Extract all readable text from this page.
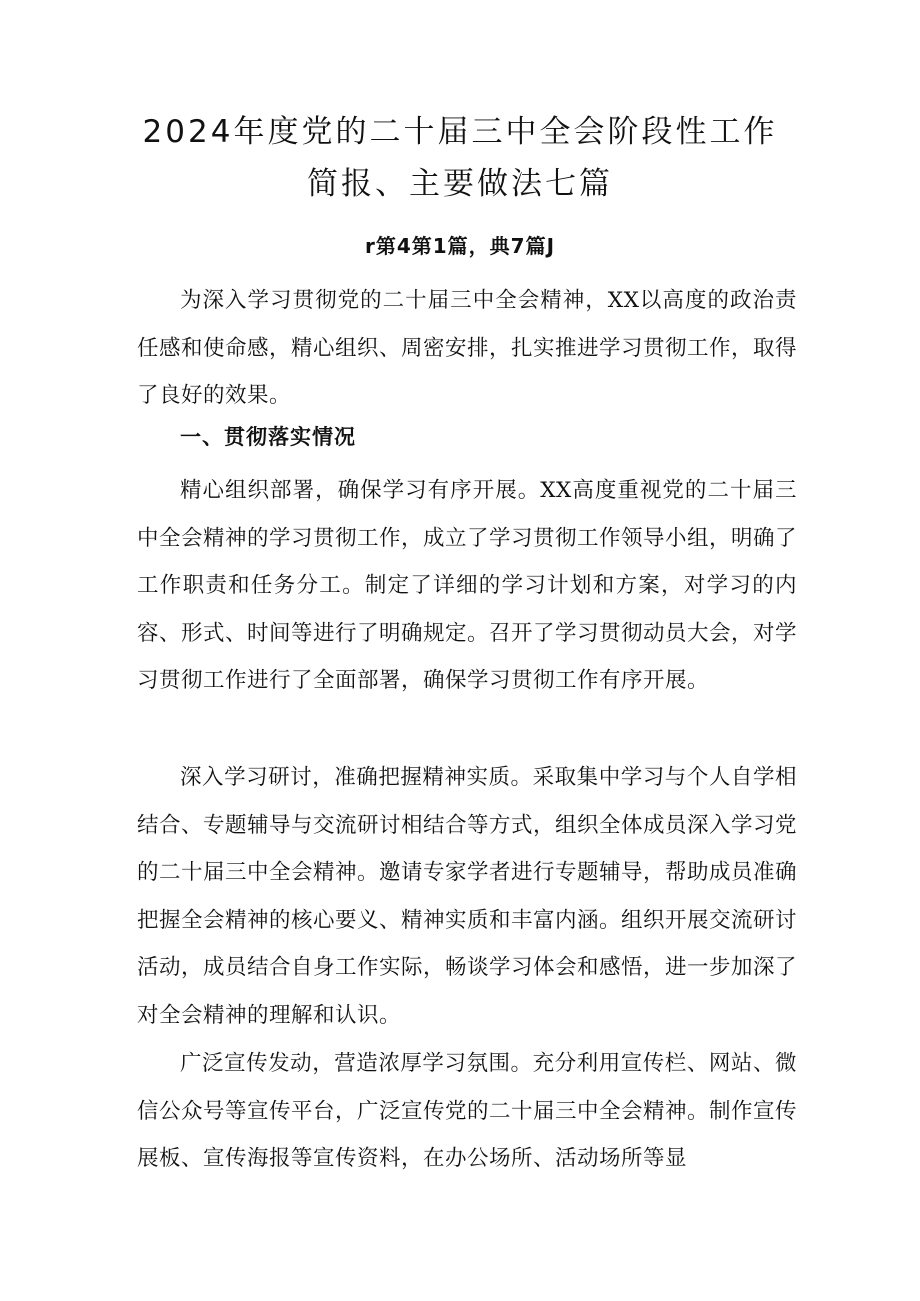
2024年度党的二十届三中全会阶段性工作
简报、主要做法七篇
r第4第1篇，典7篇J

为深入学习贯彻党的二十届三中全会精神，XX以高度的政治责任感和使命感，精心组织、周密安排，扎实推进学习贯彻工作，取得了良好的效果。

一、贯彻落实情况

精心组织部署，确保学习有序开展。XX高度重视党的二十届三中全会精神的学习贯彻工作，成立了学习贯彻工作领导小组，明确了工作职责和任务分工。制定了详细的学习计划和方案，对学习的内容、形式、时间等进行了明确规定。召开了学习贯彻动员大会，对学习贯彻工作进行了全面部署，确保学习贯彻工作有序开展。

深入学习研讨，准确把握精神实质。采取集中学习与个人自学相结合、专题辅导与交流研讨相结合等方式，组织全体成员深入学习党的二十届三中全会精神。邀请专家学者进行专题辅导，帮助成员准确把握全会精神的核心要义、精神实质和丰富内涵。组织开展交流研讨活动，成员结合自身工作实际，畅谈学习体会和感悟，进一步加深了对全会精神的理解和认识。

广泛宣传发动，营造浓厚学习氛围。充分利用宣传栏、网站、微信公众号等宣传平台，广泛宣传党的二十届三中全会精神。制作宣传展板、宣传海报等宣传资料，在办公场所、活动场所等显
